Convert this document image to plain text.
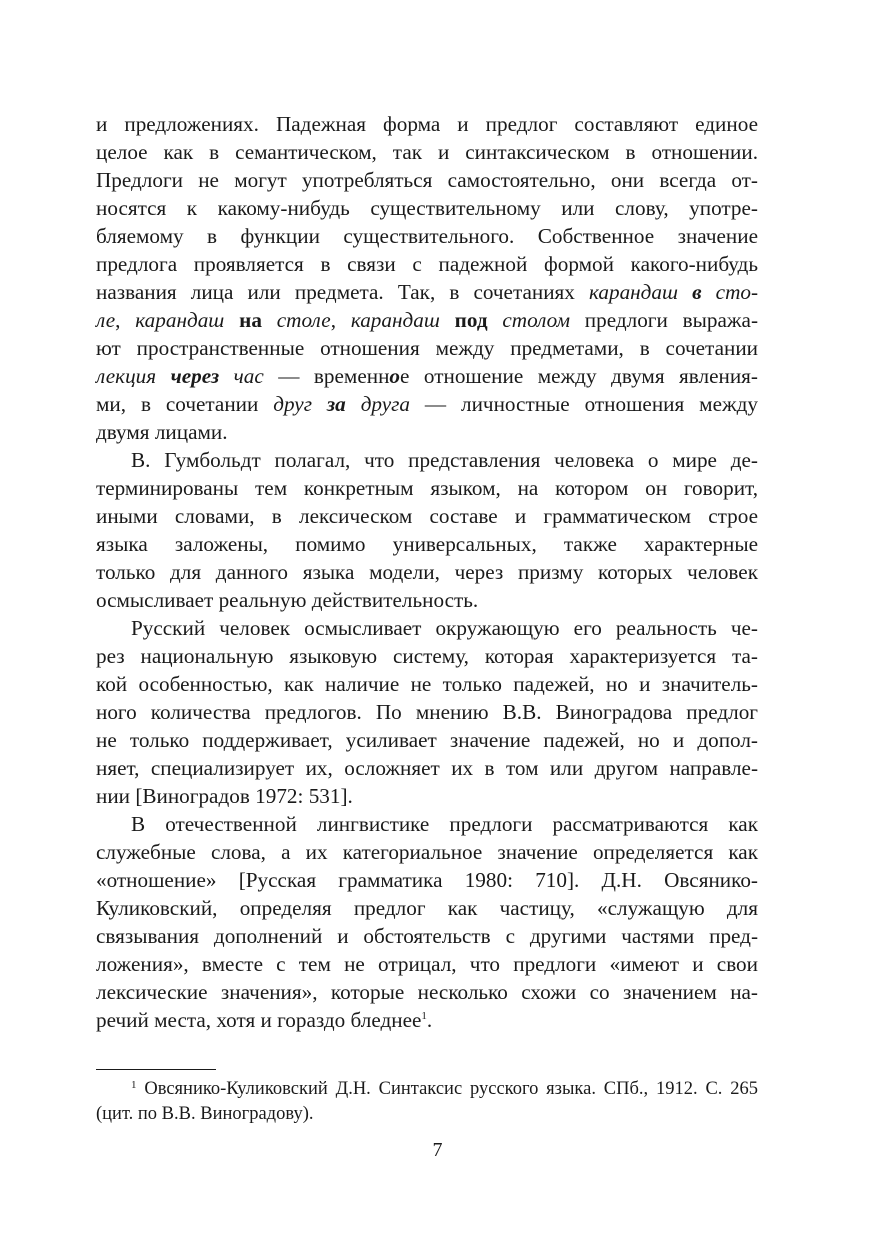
и предложениях. Падежная форма и предлог составляют единое
целое как в семантическом, так и синтаксическом в отношении.
Предлоги не могут употребляться самостоятельно, они всегда от-
носятся к какому-нибудь существительному или слову, употре-
бляемому в функции существительного. Собственное значение
предлога проявляется в связи с падежной формой какого-нибудь
названия лица или предмета. Так, в сочетаниях карандаш в сто-
ле, карандаш на столе, карандаш под столом предлоги выража-
ют пространственные отношения между предметами, в сочетании
лекция через час — временное отношение между двумя явления-
ми, в сочетании друг за друга — личностные отношения между
двумя лицами.
В. Гумбольдт полагал, что представления человека о мире де-
терминированы тем конкретным языком, на котором он говорит,
иными словами, в лексическом составе и грамматическом строе
языка заложены, помимо универсальных, также характерные
только для данного языка модели, через призму которых человек
осмысливает реальную действительность.
Русский человек осмысливает окружающую его реальность че-
рез национальную языковую систему, которая характеризуется та-
кой особенностью, как наличие не только падежей, но и значитель-
ного количества предлогов. По мнению В.В. Виноградова предлог
не только поддерживает, усиливает значение падежей, но и допол-
няет, специализирует их, осложняет их в том или другом направле-
нии [Виноградов 1972: 531].
В отечественной лингвистике предлоги рассматриваются как
служебные слова, а их категориальное значение определяется как
«отношение» [Русская грамматика 1980: 710]. Д.Н. Овсянико-
Куликовский, определяя предлог как частицу, «служащую для
связывания дополнений и обстоятельств с другими частями пред-
ложения», вместе с тем не отрицал, что предлоги «имеют и свои
лексические значения», которые несколько схожи со значением на-
речий места, хотя и гораздо бледнее$^1$.
$^1$ Овсянико-Куликовский Д.Н. Синтаксис русского языка. СПб., 1912. С. 265
(цит. по В.В. Виноградову).
7
